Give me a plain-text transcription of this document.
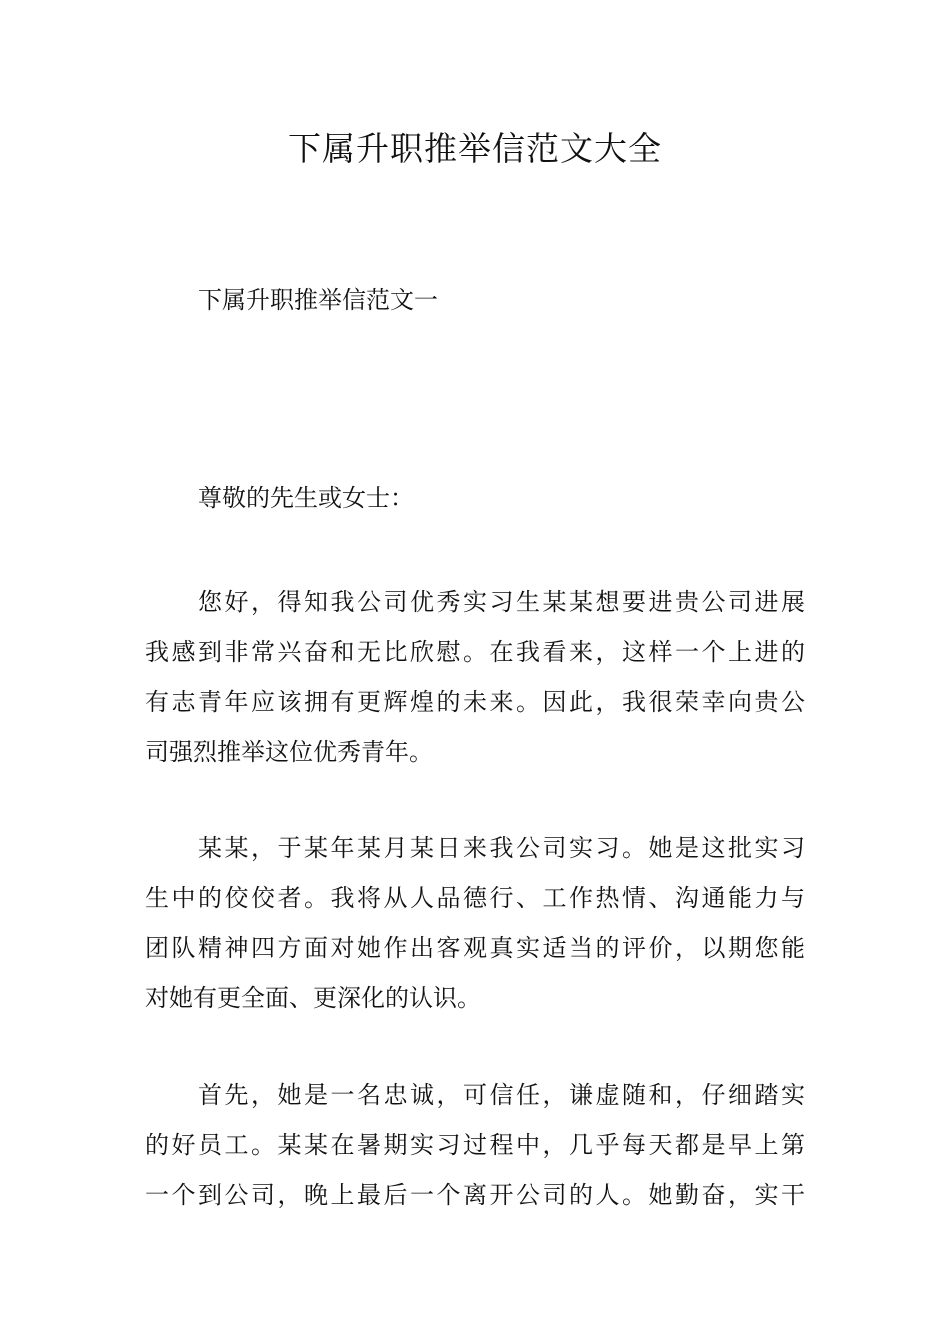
下属升职推举信范文大全

下属升职推举信范文一

尊敬的先生或女士：

您好，得知我公司优秀实习生某某想要进贵公司进展
我感到非常兴奋和无比欣慰。在我看来，这样一个上进的
有志青年应该拥有更辉煌的未来。因此，我很荣幸向贵公
司强烈推举这位优秀青年。
某某，于某年某月某日来我公司实习。她是这批实习
生中的佼佼者。我将从人品德行、工作热情、沟通能力与
团队精神四方面对她作出客观真实适当的评价，以期您能
对她有更全面、更深化的认识。
首先，她是一名忠诚，可信任，谦虚随和，仔细踏实
的好员工。某某在暑期实习过程中，几乎每天都是早上第
一个到公司，晚上最后一个离开公司的人。她勤奋，实干
